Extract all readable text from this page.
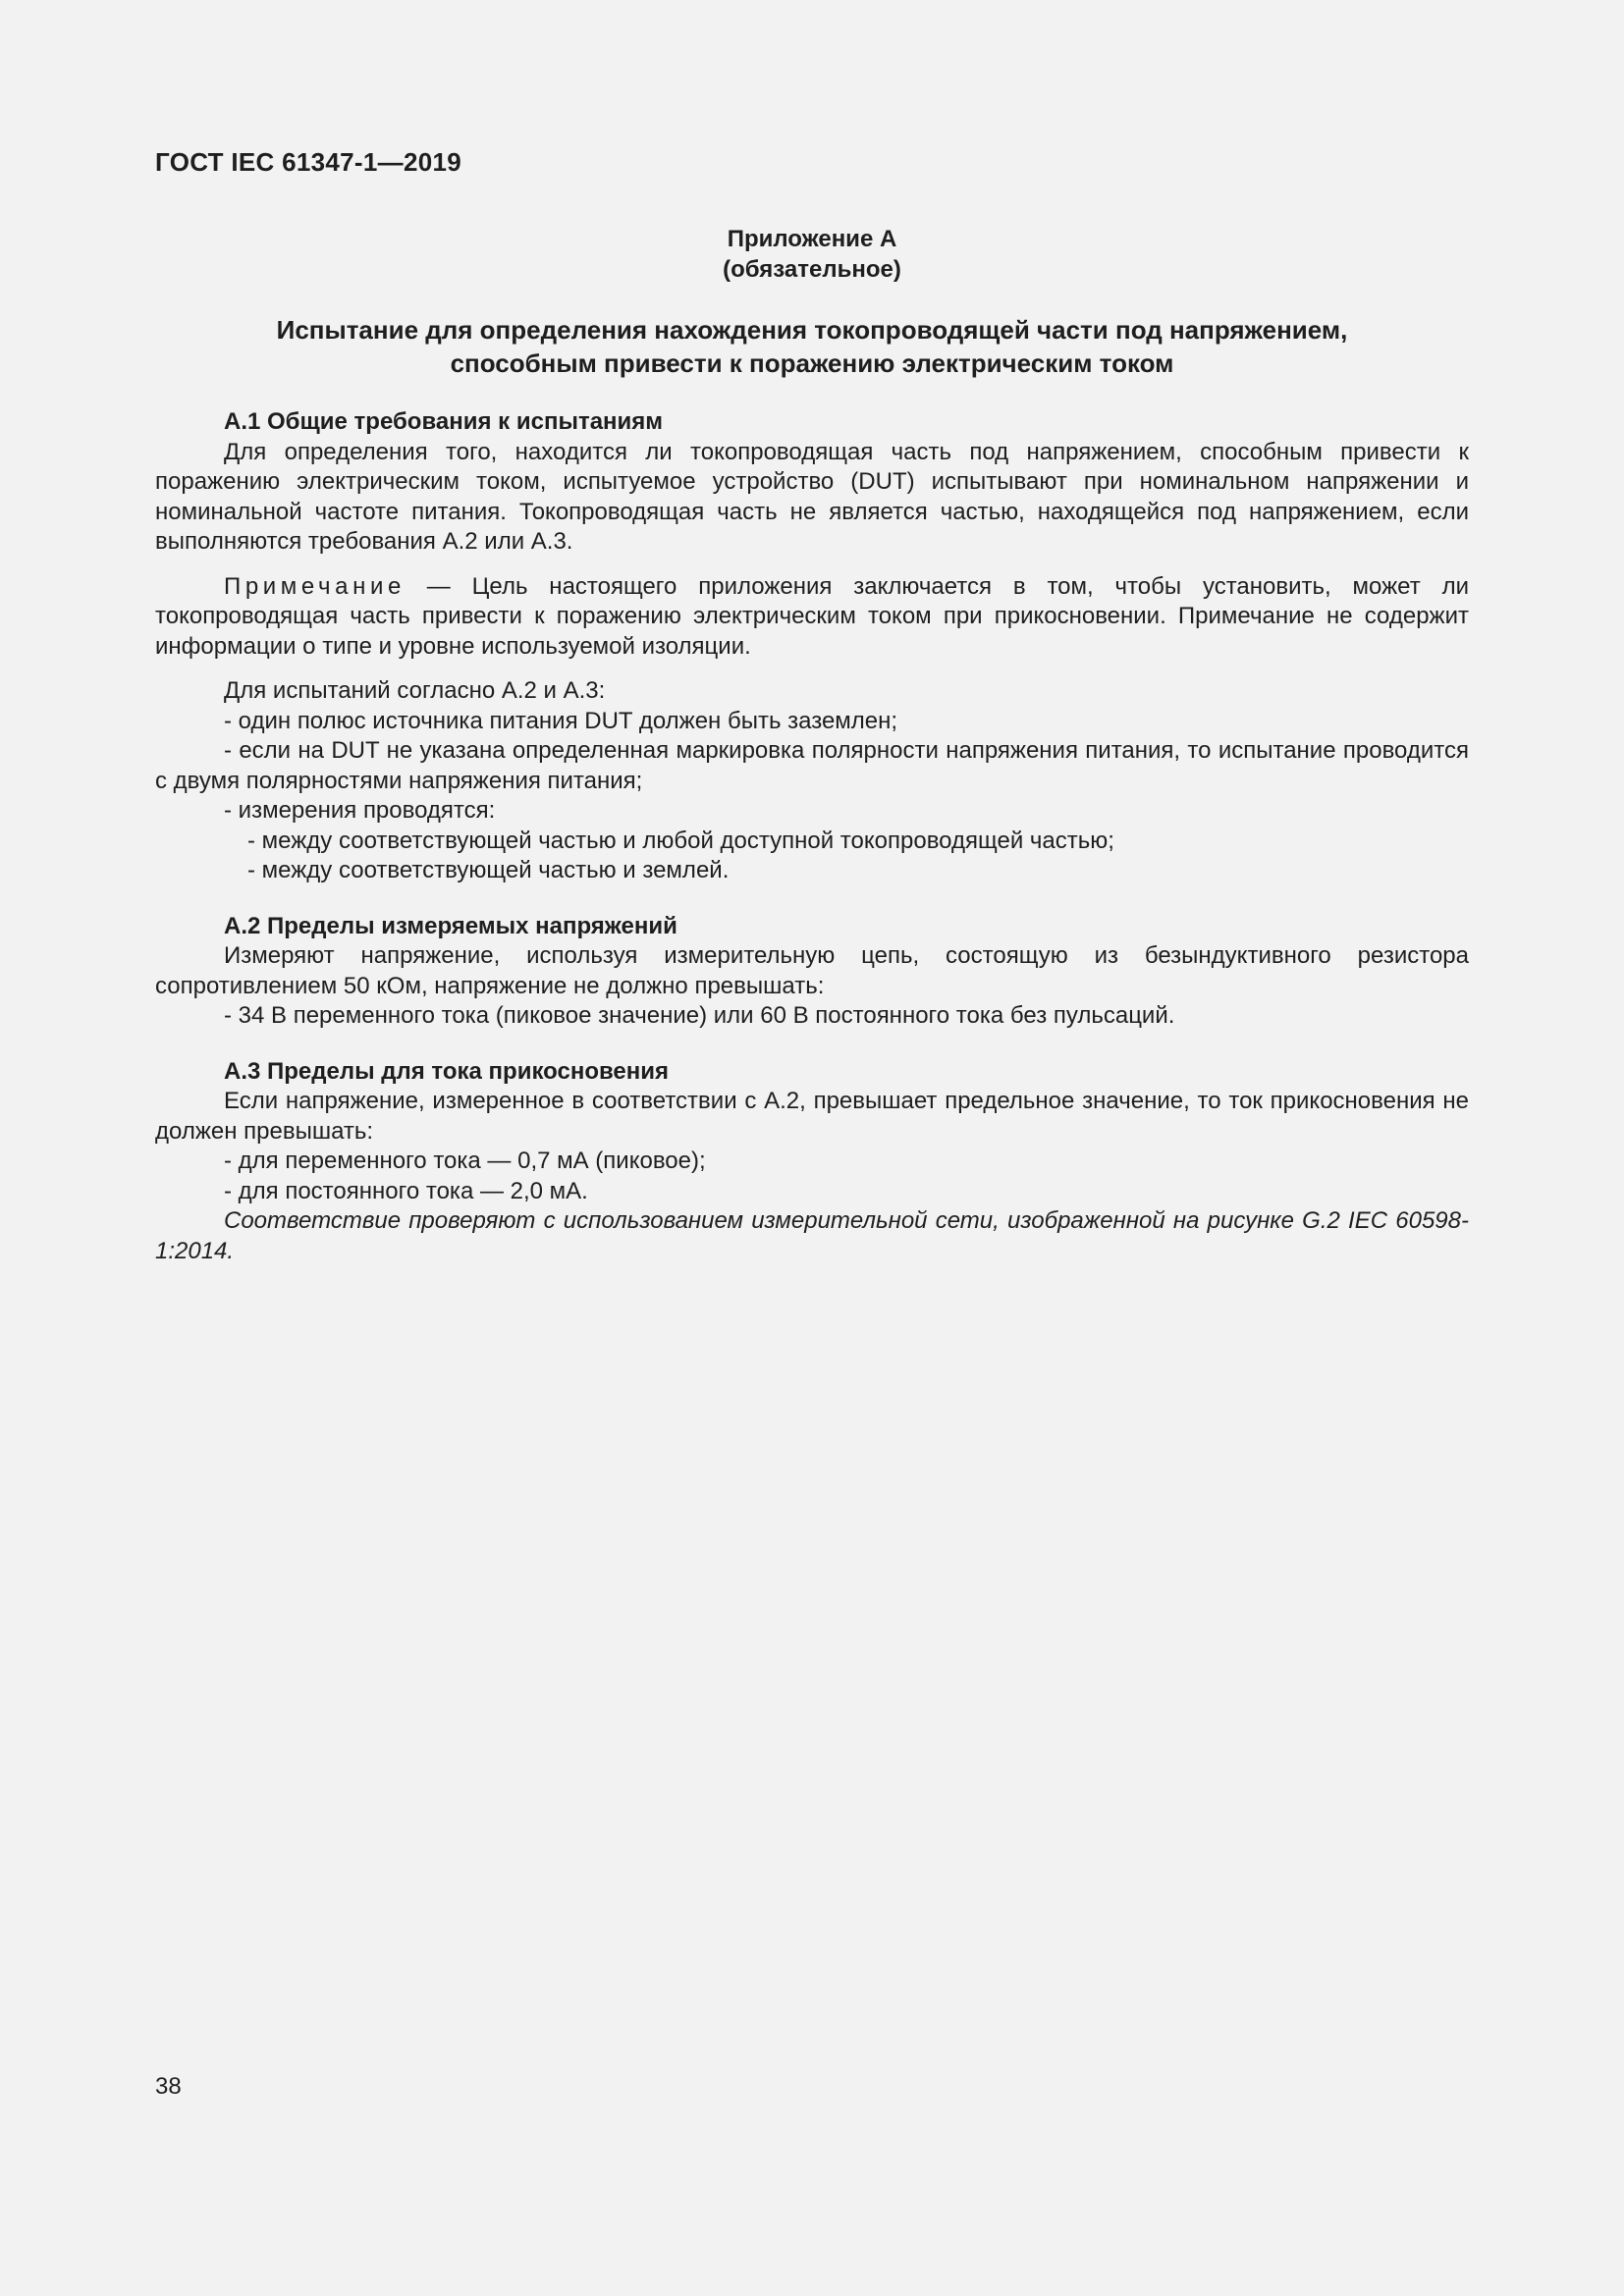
ГОСТ IEC 61347-1—2019
Приложение А
(обязательное)
Испытание для определения нахождения токопроводящей части под напряжением,
способным привести к поражению электрическим током
А.1 Общие требования к испытаниям

Для определения того, находится ли токопроводящая часть под напряжением, способным привести к поражению электрическим током, испытуемое устройство (DUT) испытывают при номинальном напряжении и номинальной частоте питания. Токопроводящая часть не является частью, находящейся под напряжением, если выполняются требования А.2 или А.3.

Примечание — Цель настоящего приложения заключается в том, чтобы установить, может ли токопроводящая часть привести к поражению электрическим током при прикосновении. Примечание не содержит информации о типе и уровне используемой изоляции.

Для испытаний согласно А.2 и А.3:

- один полюс источника питания DUT должен быть заземлен;

- если на DUT не указана определенная маркировка полярности напряжения питания, то испытание проводится с двумя полярностями напряжения питания;

- измерения проводятся:

- между соответствующей частью и любой доступной токопроводящей частью;

- между соответствующей частью и землей.

А.2 Пределы измеряемых напряжений

Измеряют напряжение, используя измерительную цепь, состоящую из безындуктивного резистора сопротивлением 50 кОм, напряжение не должно превышать:

- 34 В переменного тока (пиковое значение) или 60 В постоянного тока без пульсаций.

А.3 Пределы для тока прикосновения

Если напряжение, измеренное в соответствии с А.2, превышает предельное значение, то ток прикосновения не должен превышать:

- для переменного тока — 0,7 мА (пиковое);

- для постоянного тока — 2,0 мА.

Соответствие проверяют с использованием измерительной сети, изображенной на рисунке G.2 IEC 60598-1:2014.

38
